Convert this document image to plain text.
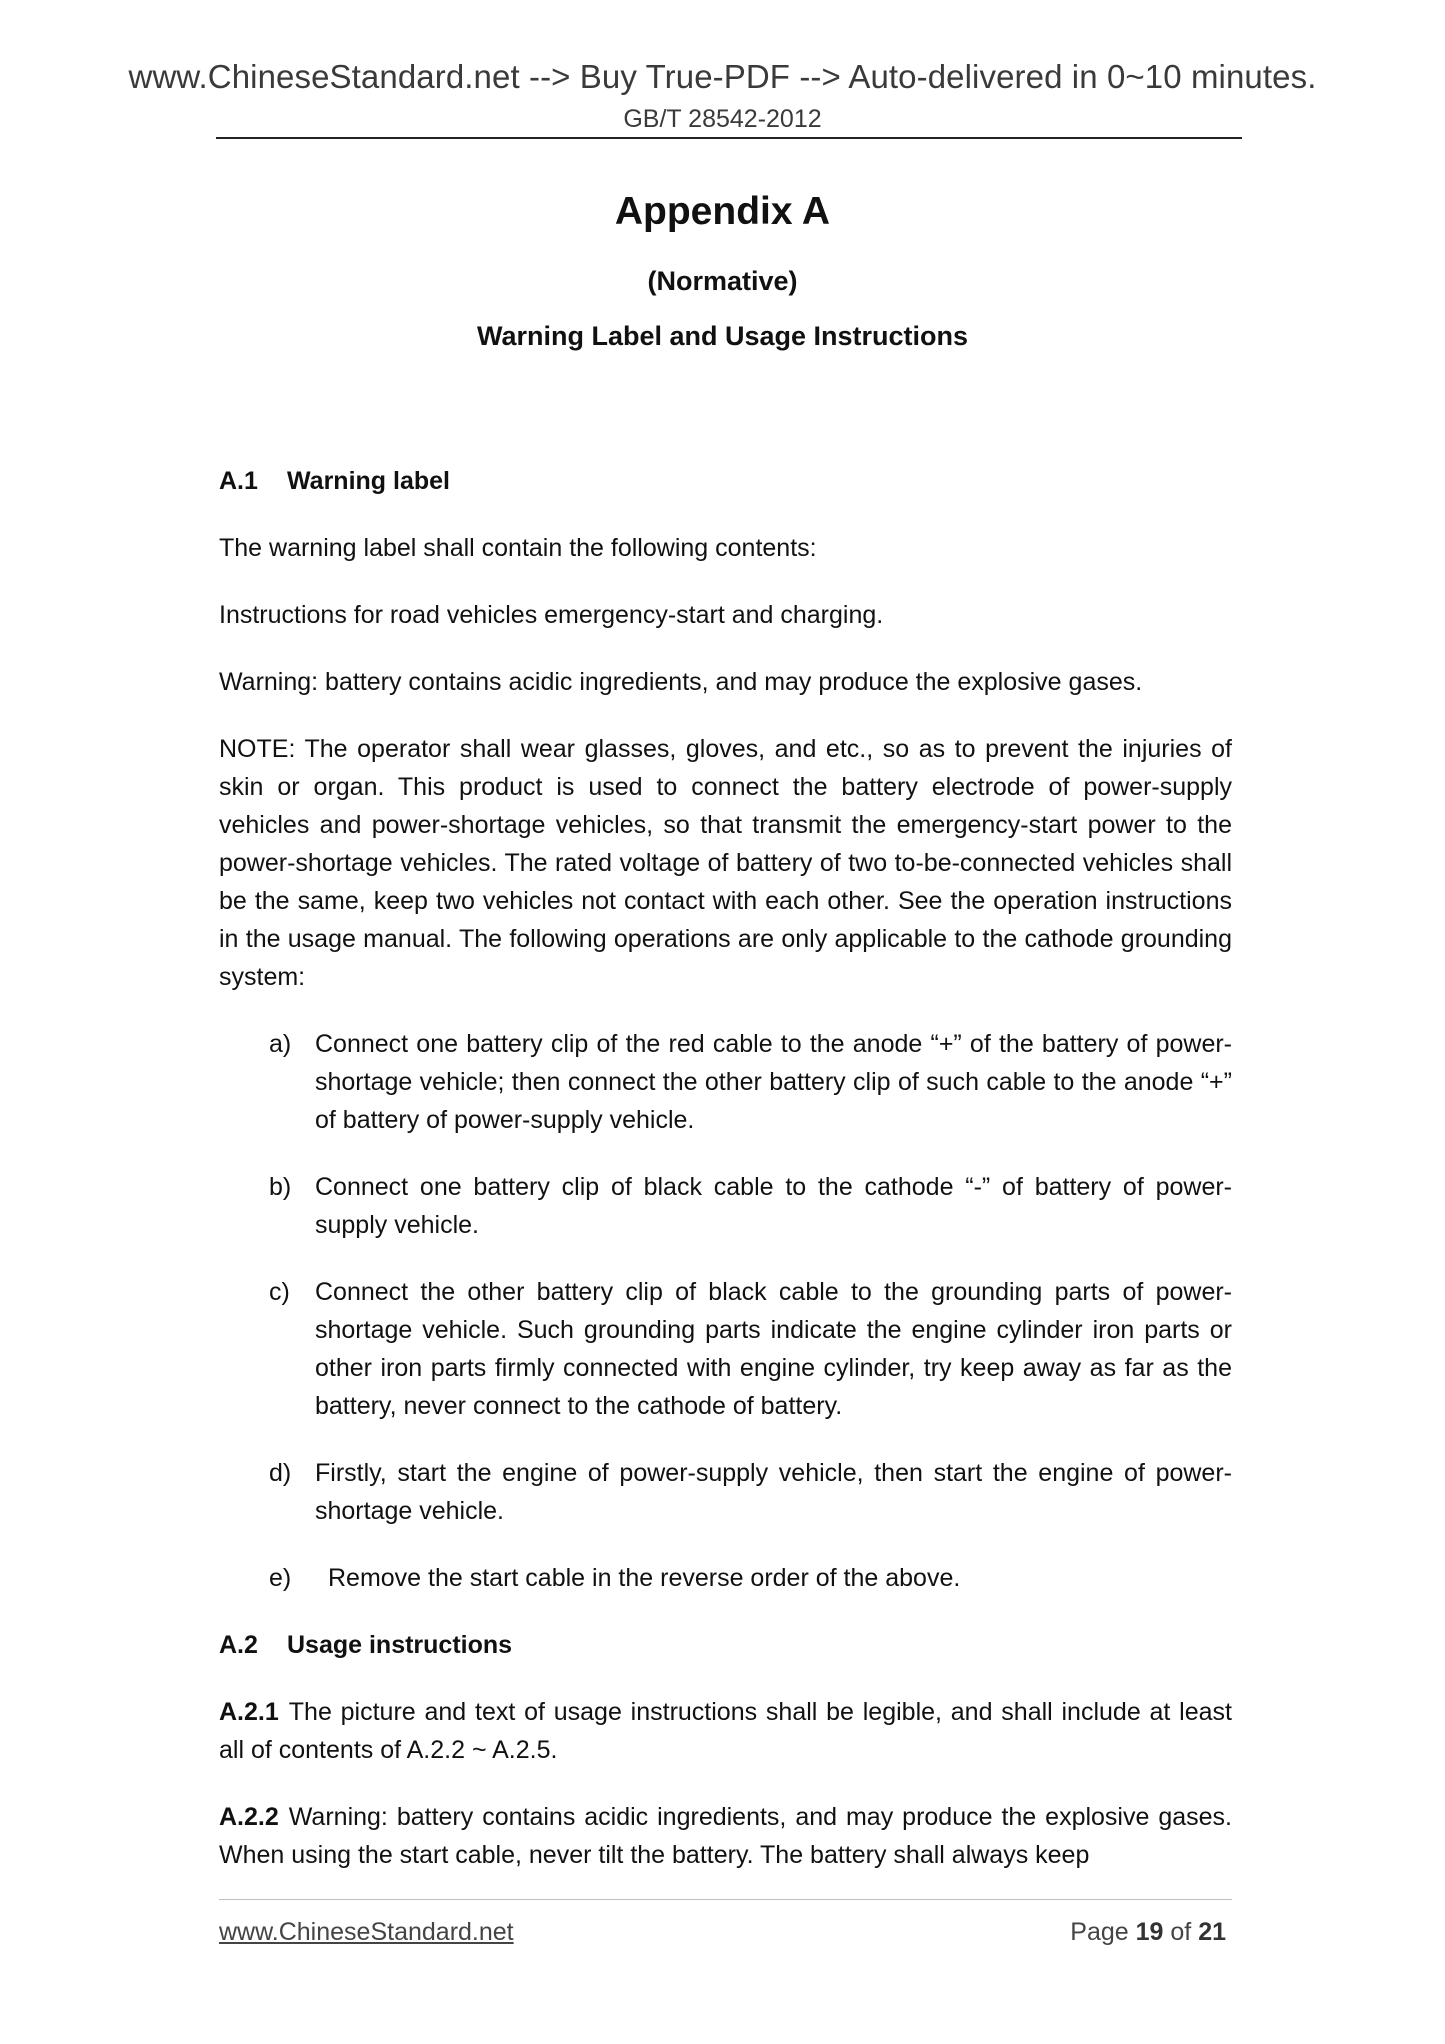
www.ChineseStandard.net --> Buy True-PDF --> Auto-delivered in 0~10 minutes.
GB/T 28542-2012
Appendix A
(Normative)
Warning Label and Usage Instructions

A.1 Warning label

The warning label shall contain the following contents:

Instructions for road vehicles emergency-start and charging.

Warning: battery contains acidic ingredients, and may produce the explosive gases.

NOTE: The operator shall wear glasses, gloves, and etc., so as to prevent the injuries of skin or organ. This product is used to connect the battery electrode of power-supply vehicles and power-shortage vehicles, so that transmit the emergency-start power to the power-shortage vehicles. The rated voltage of battery of two to-be-connected vehicles shall be the same, keep two vehicles not contact with each other. See the operation instructions in the usage manual. The following operations are only applicable to the cathode grounding system:

a) Connect one battery clip of the red cable to the anode “+” of the battery of power-shortage vehicle; then connect the other battery clip of such cable to the anode “+” of battery of power-supply vehicle.
b) Connect one battery clip of black cable to the cathode “-” of battery of power-supply vehicle.
c)	Connect the other battery clip of black cable to the grounding parts of power-shortage vehicle. Such grounding parts indicate the engine cylinder iron parts or other iron parts firmly connected with engine cylinder, try keep away as far as the battery, never connect to the cathode of battery.
d) Firstly, start the engine of power-supply vehicle, then start the engine of power-shortage vehicle.
e)	Remove the start cable in the reverse order of the above.

A.2 Usage instructions

A.2.1 The picture and text of usage instructions shall be legible, and shall include at least all of contents of A.2.2 ~ A.2.5.

A.2.2 Warning: battery contains acidic ingredients, and may produce the explosive gases. When using the start cable, never tilt the battery. The battery shall always keep

www.ChineseStandard.net	Page 19 of 21
